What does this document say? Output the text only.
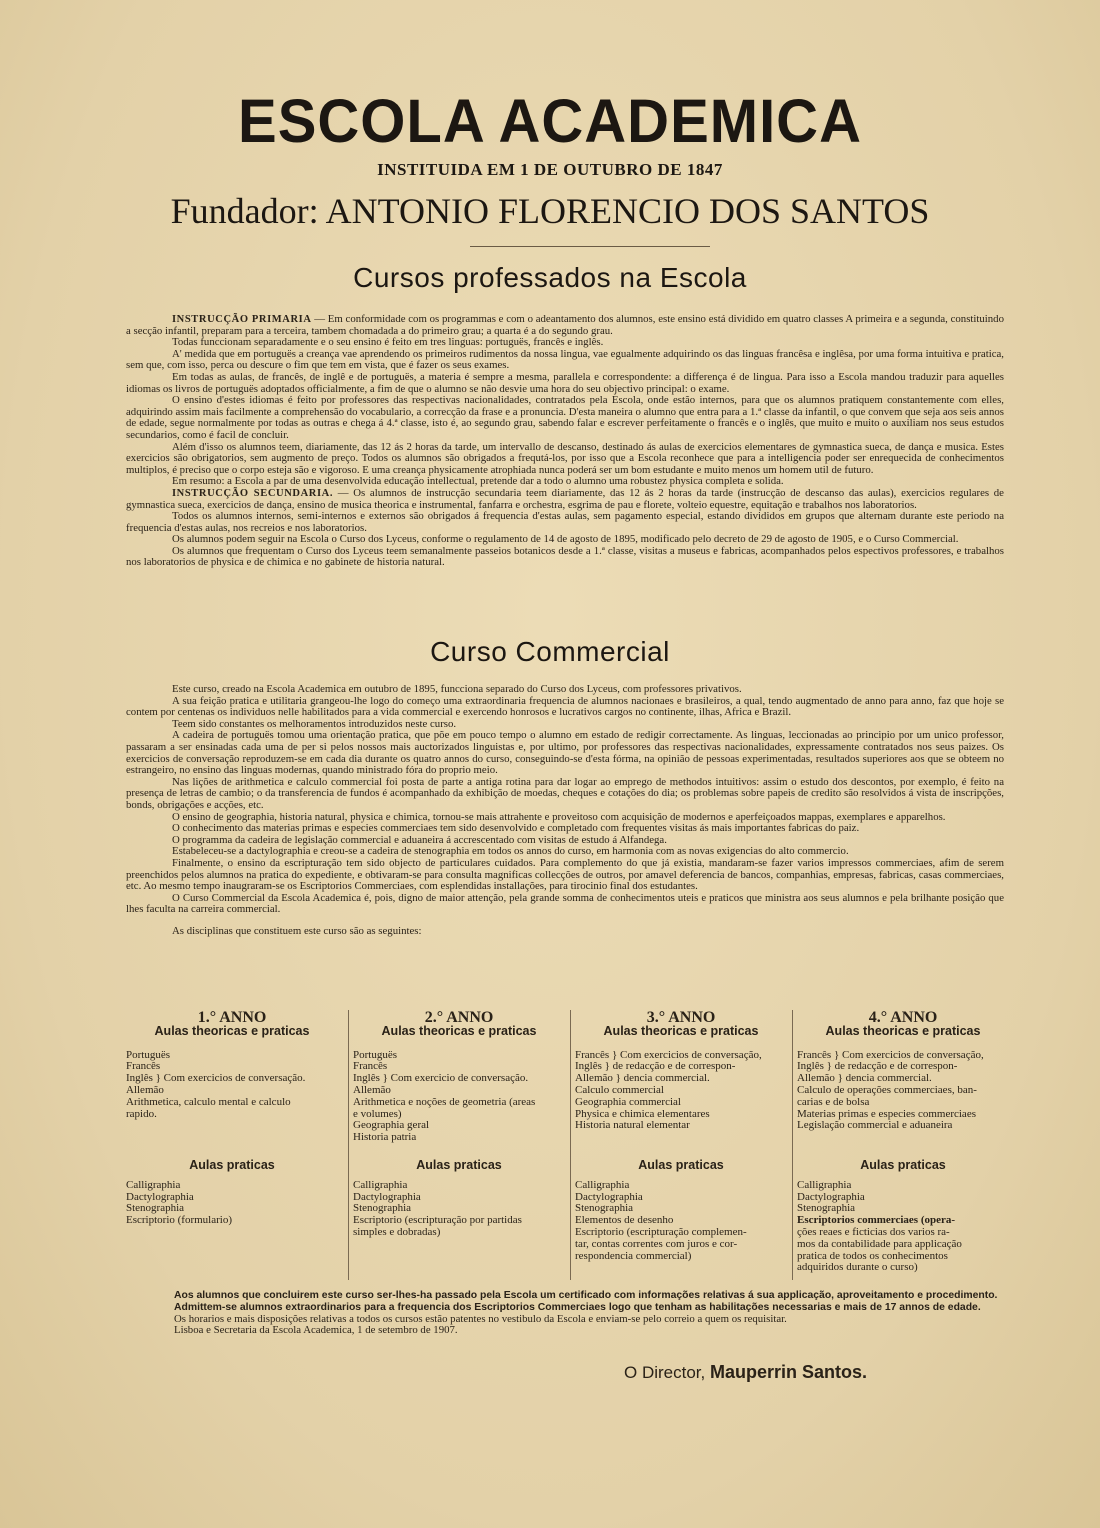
ESCOLA ACADEMICA
INSTITUIDA EM 1 DE OUTUBRO DE 1847
Fundador: ANTONIO FLORENCIO DOS SANTOS
Cursos professados na Escola

INSTRUCÇÃO PRIMARIA — Em conformidade com os programmas e com o adeantamento dos alumnos, este ensino está dividido em quatro classes A primeira e a segunda, constituindo a secção infantil, preparam para a terceira, tambem chomadada a do primeiro grau; a quarta é a do segundo grau.

Todas funccionam separadamente e o seu ensino é feito em tres linguas: portuguës, francês e inglês.

A' medida que em portuguës a creança vae aprendendo os primeiros rudimentos da nossa lingua, vae egualmente adquirindo os das linguas francêsa e inglêsa, por uma forma intuitiva e pratica, sem que, com isso, perca ou descure o fim que tem em vista, que é fazer os seus exames.

Em todas as aulas, de francês, de inglê e de portuguës, a materia é sempre a mesma, parallela e correspondente: a differença é de lingua. Para isso a Escola mandou traduzir para aquelles idiomas os livros de portuguës adoptados officialmente, a fim de que o alumno se não desvie uma hora do seu objectivo principal: o exame.

O ensino d'estes idiomas é feito por professores das respectivas nacionalidades, contratados pela Escola, onde estão internos, para que os alumnos pratiquem constantemente com elles, adquirindo assim mais facilmente a comprehensão do vocabulario, a correcção da frase e a pronuncia. D'esta maneira o alumno que entra para a 1.ª classe da infantil, o que convem que seja aos seis annos de edade, segue normalmente por todas as outras e chega á 4.ª classe, isto é, ao segundo grau, sabendo falar e escrever perfeitamente o francês e o inglês, que muito e muito o auxiliam nos seus estudos secundarios, como é facil de concluir.

Além d'isso os alumnos teem, diariamente, das 12 ás 2 horas da tarde, um intervallo de descanso, destinado ás aulas de exercicios elementares de gymnastica sueca, de dança e musica. Estes exercicios são obrigatorios, sem augmento de preço. Todos os alumnos são obrigados a frequtá-los, por isso que a Escola reconhece que para a intelligencia poder ser enrequecida de conhecimentos multiplos, é preciso que o corpo esteja são e vigoroso. E uma creança physicamente atrophiada nunca poderá ser um bom estudante e muito menos um homem util de futuro.

Em resumo: a Escola a par de uma desenvolvida educação intellectual, pretende dar a todo o alumno uma robustez physica completa e solida.

INSTRUCÇÃO SECUNDARIA. — Os alumnos de instrucção secundaria teem diariamente, das 12 ás 2 horas da tarde (instrucção de descanso das aulas), exercicios regulares de gymnastica sueca, exercicios de dança, ensino de musica theorica e instrumental, fanfarra e orchestra, esgrima de pau e florete, volteio equestre, equitação e trabalhos nos laboratorios.

Todos os alumnos internos, semi-internos e externos são obrigados á frequencia d'estas aulas, sem pagamento especial, estando divididos em grupos que alternam durante este periodo na frequencia d'estas aulas, nos recreios e nos laboratorios.

Os alumnos podem seguir na Escola o Curso dos Lyceus, conforme o regulamento de 14 de agosto de 1895, modificado pelo decreto de 29 de agosto de 1905, e o Curso Commercial.

Os alumnos que frequentam o Curso dos Lyceus teem semanalmente passeios botanicos desde a 1.ª classe, visitas a museus e fabricas, acompanhados pelos espectivos professores, e trabalhos nos laboratorios de physica e de chimica e no gabinete de historia natural.

Curso Commercial

Este curso, creado na Escola Academica em outubro de 1895, funcciona separado do Curso dos Lyceus, com professores privativos.

A sua feição pratica e utilitaria grangeou-lhe logo do começo uma extraordinaria frequencia de alumnos nacionaes e brasileiros, a qual, tendo augmentado de anno para anno, faz que hoje se contem por centenas os individuos nelle habilitados para a vida commercial e exercendo honrosos e lucrativos cargos no continente, ilhas, Africa e Brazil.

Teem sido constantes os melhoramentos introduzidos neste curso.

A cadeira de portuguës tomou uma orientação pratica, que põe em pouco tempo o alumno em estado de redigir correctamente. As linguas, leccionadas ao principio por um unico professor, passaram a ser ensinadas cada uma de per si pelos nossos mais auctorizados linguistas e, por ultimo, por professores das respectivas nacionalidades, expressamente contratados nos seus paizes. Os exercicios de conversação reproduzem-se em cada dia durante os quatro annos do curso, conseguindo-se d'esta fórma, na opinião de pessoas experimentadas, resultados superiores aos que se obteem no estrangeiro, no ensino das linguas modernas, quando ministrado fóra do proprio meio.

Nas lições de arithmetica e calculo commercial foi posta de parte a antiga rotina para dar logar ao emprego de methodos intuitivos: assim o estudo dos descontos, por exemplo, é feito na presença de letras de cambio; o da transferencia de fundos é acompanhado da exhibição de moedas, cheques e cotações do dia; os problemas sobre papeis de credito são resolvidos á vista de inscripções, bonds, obrigações e acções, etc.

O ensino de geographia, historia natural, physica e chimica, tornou-se mais attrahente e proveitoso com acquisição de modernos e aperfeiçoados mappas, exemplares e apparelhos.

O conhecimento das materias primas e especies commerciaes tem sido desenvolvido e completado com frequentes visitas ás mais importantes fabricas do paiz.

O programma da cadeira de legislação commercial e aduaneira á accrescentado com visitas de estudo á Alfandega.

Estabeleceu-se a dactylographia e creou-se a cadeira de stenographia em todos os annos do curso, em harmonia com as novas exigencias do alto commercio.

Finalmente, o ensino da escripturação tem sido objecto de particulares cuidados. Para complemento do que já existia, mandaram-se fazer varios impressos commerciaes, afim de serem preenchidos pelos alumnos na pratica do expediente, e obtivaram-se para consulta magnificas collecções de outros, por amavel deferencia de bancos, companhias, empresas, fabricas, casas commerciaes, etc. Ao mesmo tempo inaugraram-se os Escriptorios Commerciaes, com esplendidas installações, para tirocinio final dos estudantes.

O Curso Commercial da Escola Academica é, pois, digno de maior attenção, pela grande somma de conhecimentos uteis e praticos que ministra aos seus alumnos e pela brilhante posição que lhes faculta na carreira commercial.

As disciplinas que constituem este curso são as seguintes:

1.° ANNO
Aulas theoricas e praticas
Portuguës
Francês
Inglês } Com exercicios de conversação.
Allemão
Arithmetica, calculo mental e calculo
rapido.
Aulas praticas
Calligraphia
Dactylographia
Stenographia
Escriptorio (formulario)
2.° ANNO
Aulas theoricas e praticas
Portuguës
Francês
Inglês } Com exercicio de conversação.
Allemão
Arithmetica e noções de geometria (areas
e volumes)
Geographia geral
Historia patria
Aulas praticas
Calligraphia
Dactylographia
Stenographia
Escriptorio (escripturação por partidas
simples e dobradas)
3.° ANNO
Aulas theoricas e praticas
Francês } Com exercicios de conversação,
Inglês } de redacção e de correspon-
Allemão } dencia commercial.
Calculo commercial
Geographia commercial
Physica e chimica elementares
Historia natural elementar
Aulas praticas
Calligraphia
Dactylographia
Stenographia
Elementos de desenho
Escriptorio (escripturação complemen-
tar, contas correntes com juros e cor-
respondencia commercial)
4.° ANNO
Aulas theoricas e praticas
Francês } Com exercicios de conversação,
Inglês } de redacção e de correspon-
Allemão } dencia commercial.
Calculo de operações commerciaes, ban-
carias e de bolsa
Materias primas e especies commerciaes
Legislação commercial e aduaneira
Aulas praticas
Calligraphia
Dactylographia
Stenographia
Escriptorios commerciaes (opera-
ções reaes e ficticias dos varios ra-
mos da contabilidade para applicação
pratica de todos os conhecimentos
adquiridos durante o curso)

Aos alumnos que concluirem este curso ser-lhes-ha passado pela Escola um certificado com informações relativas á sua applicação, aproveitamento e procedimento.

Admittem-se alumnos extraordinarios para a frequencia dos Escriptorios Commerciaes logo que tenham as habilitações necessarias e mais de 17 annos de edade.

Os horarios e mais disposições relativas a todos os cursos estão patentes no vestibulo da Escola e enviam-se pelo correio a quem os requisitar.

Lisboa e Secretaria da Escola Academica, 1 de setembro de 1907.

O Director, Mauperrin Santos.
